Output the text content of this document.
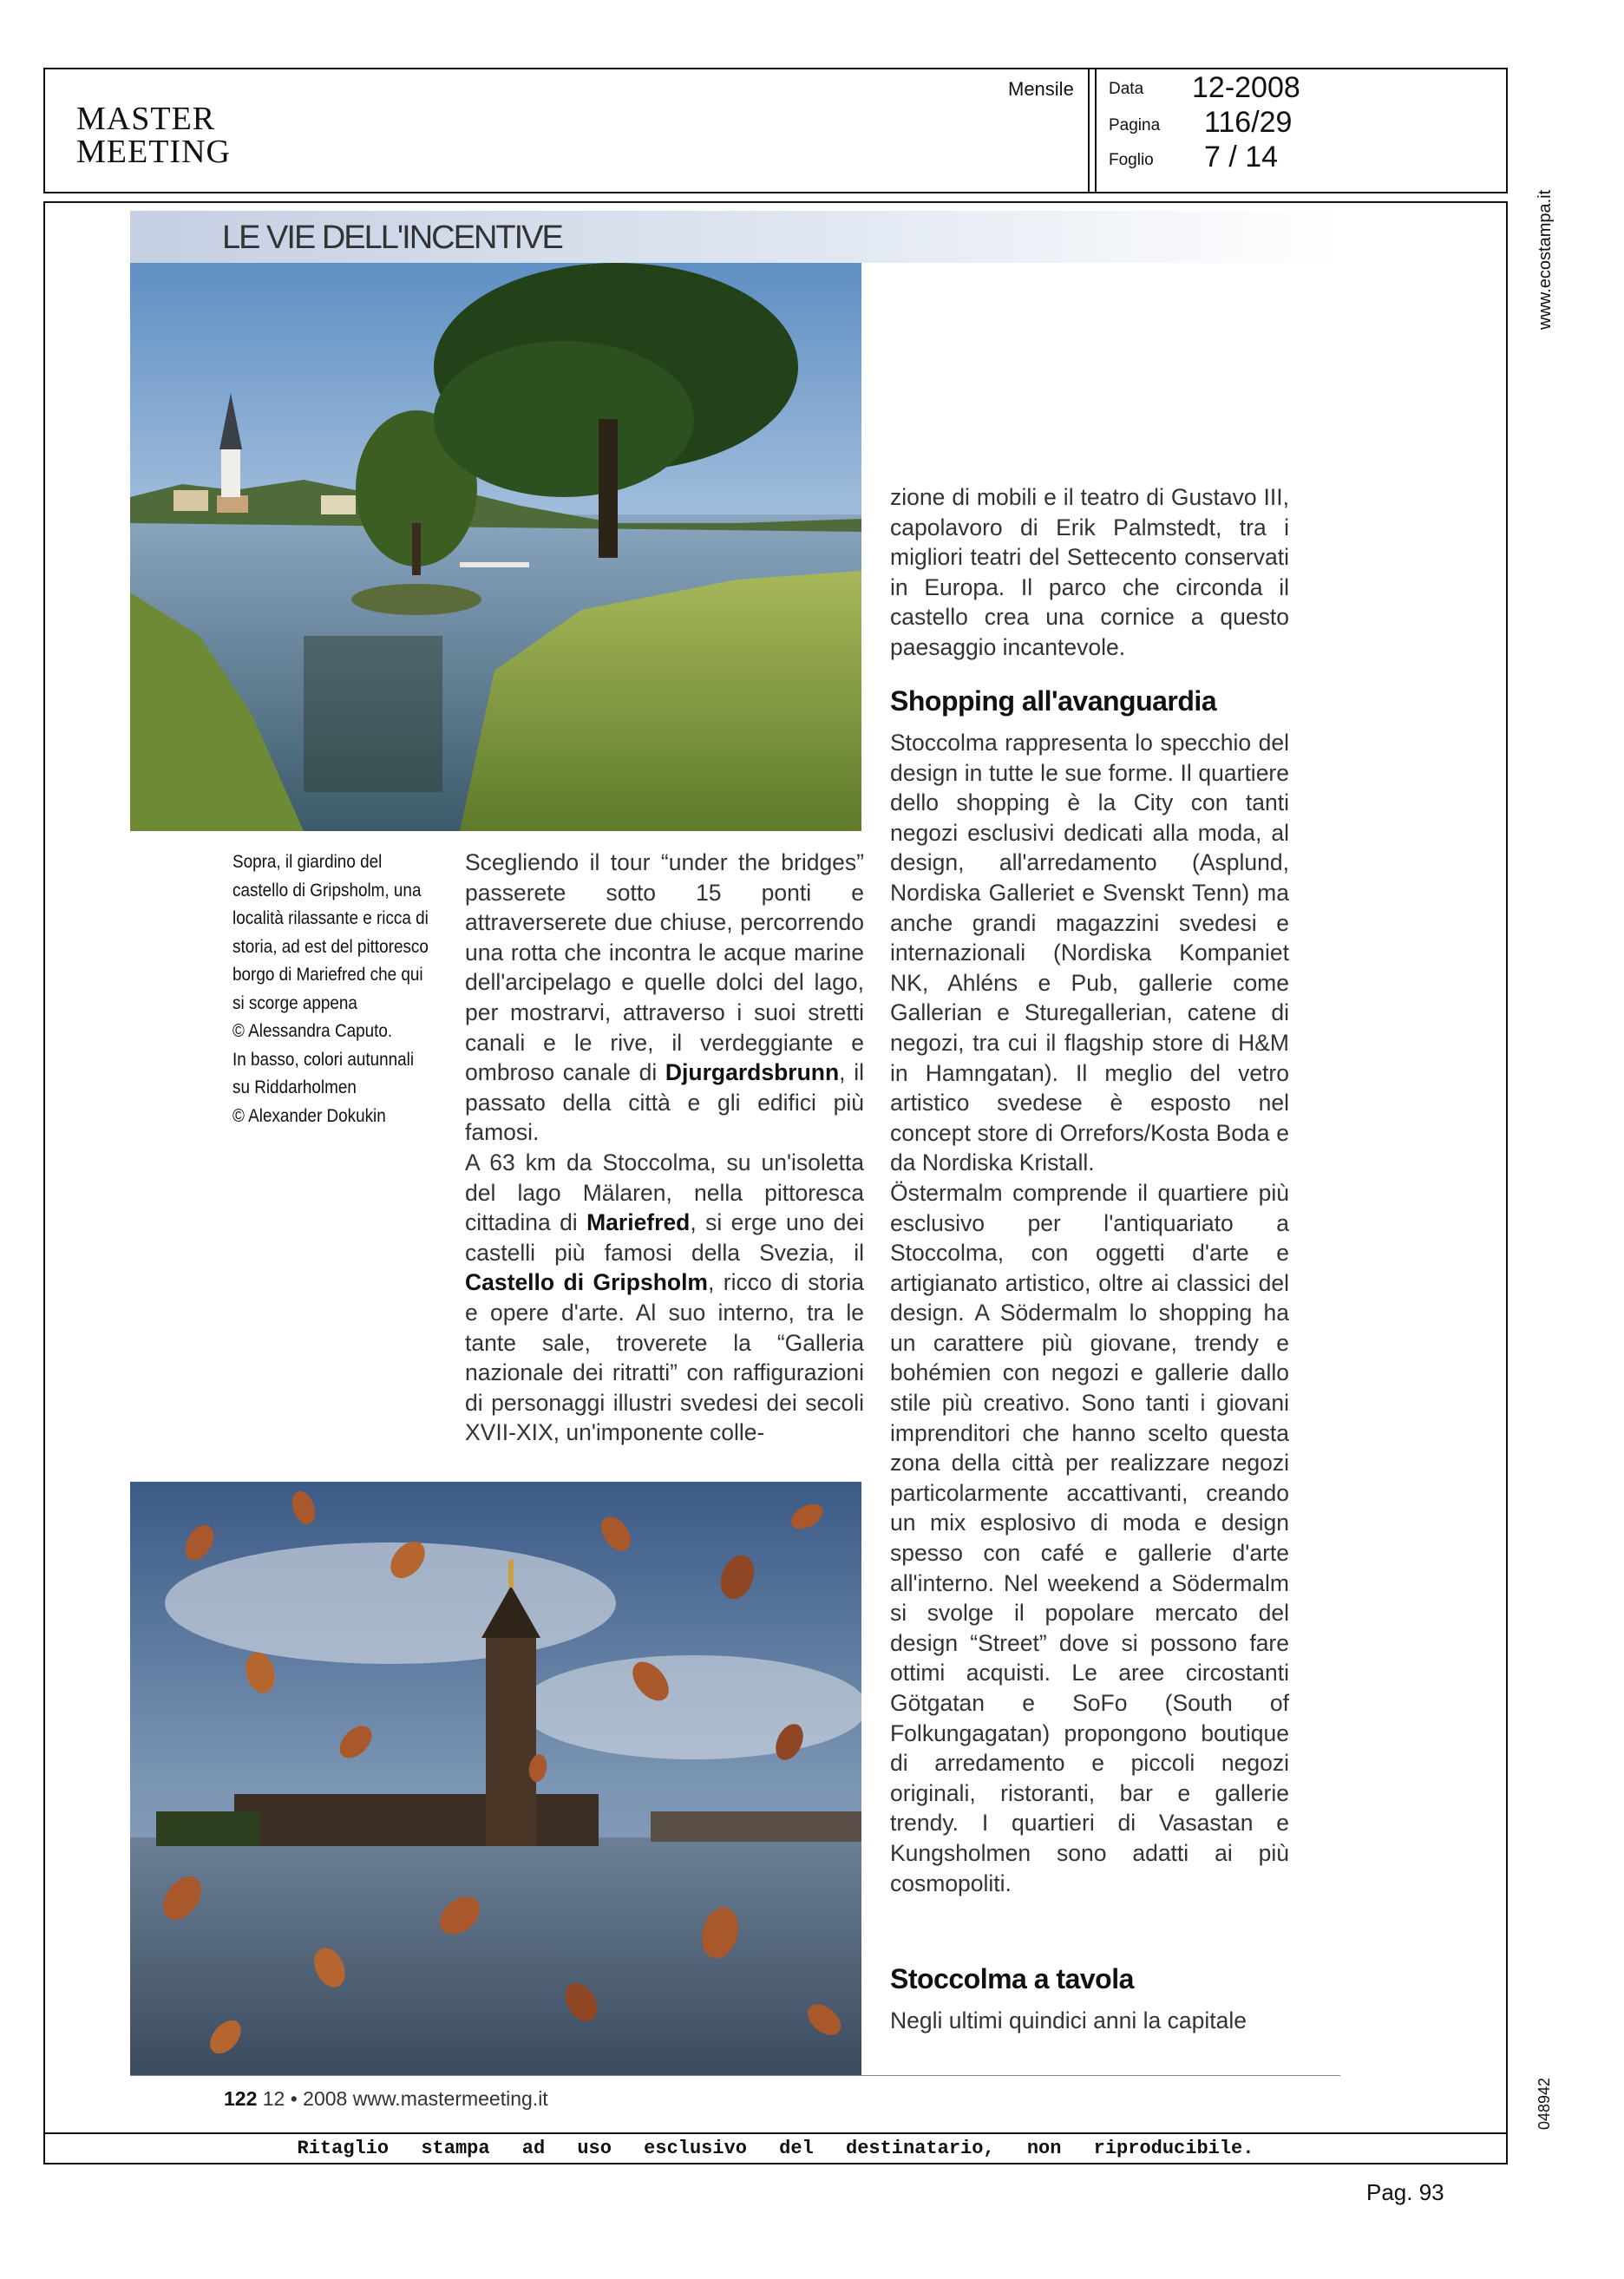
MASTER
MEETING
Mensile Data 12-2008
Pagina 116/29
Foglio 7 / 14
www.ecostampa.it
048942
LE VIE DELL'INCENTIVE

Sopra, il giardino del castello di Gripsholm, una località rilassante e ricca di storia, ad est del pittoresco borgo di Mariefred che qui si scorge appena

© Alessandra Caputo.

In basso, colori autunnali su Riddarholmen

© Alexander Dokukin

Scegliendo il tour “under the bridges” passerete sotto 15 ponti e attraverserete due chiuse, percorrendo una rotta che incontra le acque marine dell'arcipelago e quelle dolci del lago, per mostrarvi, attraverso i suoi stretti canali e le rive, il verdeggiante e ombroso canale di Djurgardsbrunn, il passato della città e gli edifici più famosi.

A 63 km da Stoccolma, su un'isoletta del lago Mälaren, nella pittoresca cittadina di Mariefred, si erge uno dei castelli più famosi della Svezia, il Castello di Gripsholm, ricco di storia e opere d'arte. Al suo interno, tra le tante sale, troverete la “Galleria nazionale dei ritratti” con raffigurazioni di personaggi illustri svedesi dei secoli XVII-XIX, un'imponente colle-

zione di mobili e il teatro di Gustavo III, capolavoro di Erik Palmstedt, tra i migliori teatri del Settecento conservati in Europa. Il parco che circonda il castello crea una cornice a questo paesaggio incantevole.

Shopping all'avanguardia

Stoccolma rappresenta lo specchio del design in tutte le sue forme. Il quartiere dello shopping è la City con tanti negozi esclusivi dedicati alla moda, al design, all'arredamento (Asplund, Nordiska Galleriet e Svenskt Tenn) ma anche grandi magazzini svedesi e internazionali (Nordiska Kompaniet NK, Ahléns e Pub, gallerie come Gallerian e Sturegallerian, catene di negozi, tra cui il flagship store di H&M in Hamngatan). Il meglio del vetro artistico svedese è esposto nel concept store di Orrefors/Kosta Boda e da Nordiska Kristall.

Östermalm comprende il quartiere più esclusivo per l'antiquariato a Stoccolma, con oggetti d'arte e artigianato artistico, oltre ai classici del design. A Södermalm lo shopping ha un carattere più giovane, trendy e bohémien con negozi e gallerie dallo stile più creativo. Sono tanti i giovani imprenditori che hanno scelto questa zona della città per realizzare negozi particolarmente accattivanti, creando un mix esplosivo di moda e design spesso con café e gallerie d'arte all'interno. Nel weekend a Södermalm si svolge il popolare mercato del design “Street” dove si possono fare ottimi acquisti. Le aree circostanti Götgatan e SoFo (South of Folkungagatan) propongono boutique di arredamento e piccoli negozi originali, ristoranti, bar e gallerie trendy. I quartieri di Vasastan e Kungsholmen sono adatti ai più cosmopoliti.

Stoccolma a tavola

Negli ultimi quindici anni la capitale

122 12 • 2008 www.mastermeeting.it
Ritaglio stampa ad uso esclusivo del destinatario, non riproducibile.
Pag. 93
